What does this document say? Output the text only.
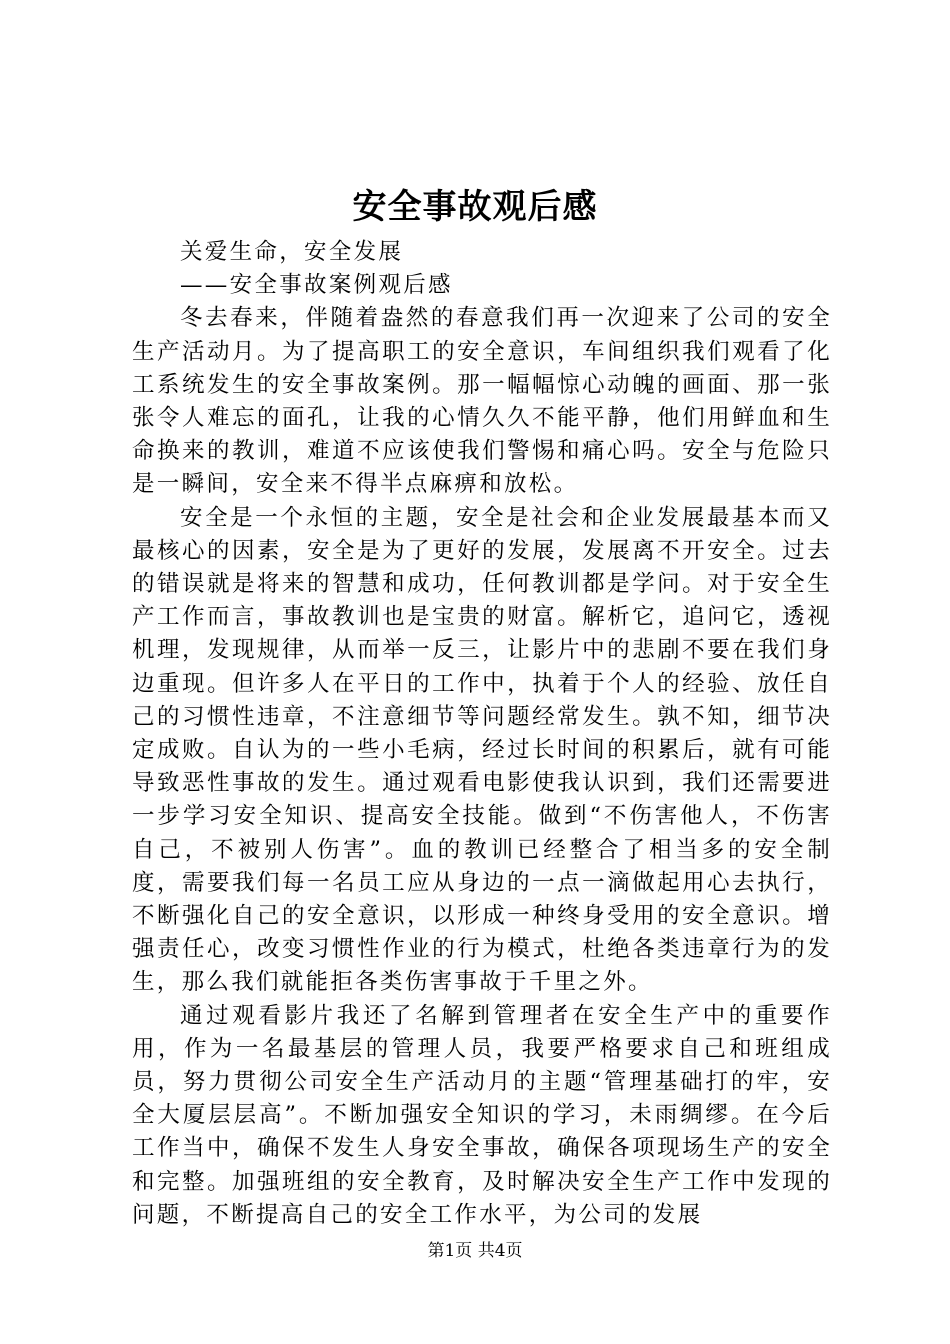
安全事故观后感
关爱生命，安全发展
——安全事故案例观后感

冬去春来，伴随着盎然的春意我们再一次迎来了公司的安全生产活动月。为了提高职工的安全意识，车间组织我们观看了化工系统发生的安全事故案例。那一幅幅惊心动魄的画面、那一张张令人难忘的面孔，让我的心情久久不能平静，他们用鲜血和生命换来的教训，难道不应该使我们警惕和痛心吗。安全与危险只是一瞬间，安全来不得半点麻痹和放松。

安全是一个永恒的主题，安全是社会和企业发展最基本而又最核心的因素，安全是为了更好的发展，发展离不开安全。过去的错误就是将来的智慧和成功，任何教训都是学问。对于安全生产工作而言，事故教训也是宝贵的财富。解析它，追问它，透视机理，发现规律，从而举一反三，让影片中的悲剧不要在我们身边重现。但许多人在平日的工作中，执着于个人的经验、放任自己的习惯性违章，不注意细节等问题经常发生。孰不知，细节决定成败。自认为的一些小毛病，经过长时间的积累后，就有可能导致恶性事故的发生。通过观看电影使我认识到，我们还需要进一步学习安全知识、提高安全技能。做到“不伤害他人，不伤害自己，不被别人伤害”。血的教训已经整合了相当多的安全制度，需要我们每一名员工应从身边的一点一滴做起用心去执行，不断强化自己的安全意识，以形成一种终身受用的安全意识。增强责任心，改变习惯性作业的行为模式，杜绝各类违章行为的发生，那么我们就能拒各类伤害事故于千里之外。

通过观看影片我还了名解到管理者在安全生产中的重要作用，作为一名最基层的管理人员，我要严格要求自己和班组成员，努力贯彻公司安全生产活动月的主题“管理基础打的牢，安全大厦层层高”。不断加强安全知识的学习，未雨绸缪。在今后工作当中，确保不发生人身安全事故，确保各项现场生产的安全和完整。加强班组的安全教育，及时解决安全生产工作中发现的问题，不断提高自己的安全工作水平，为公司的发展

第1页 共4页
